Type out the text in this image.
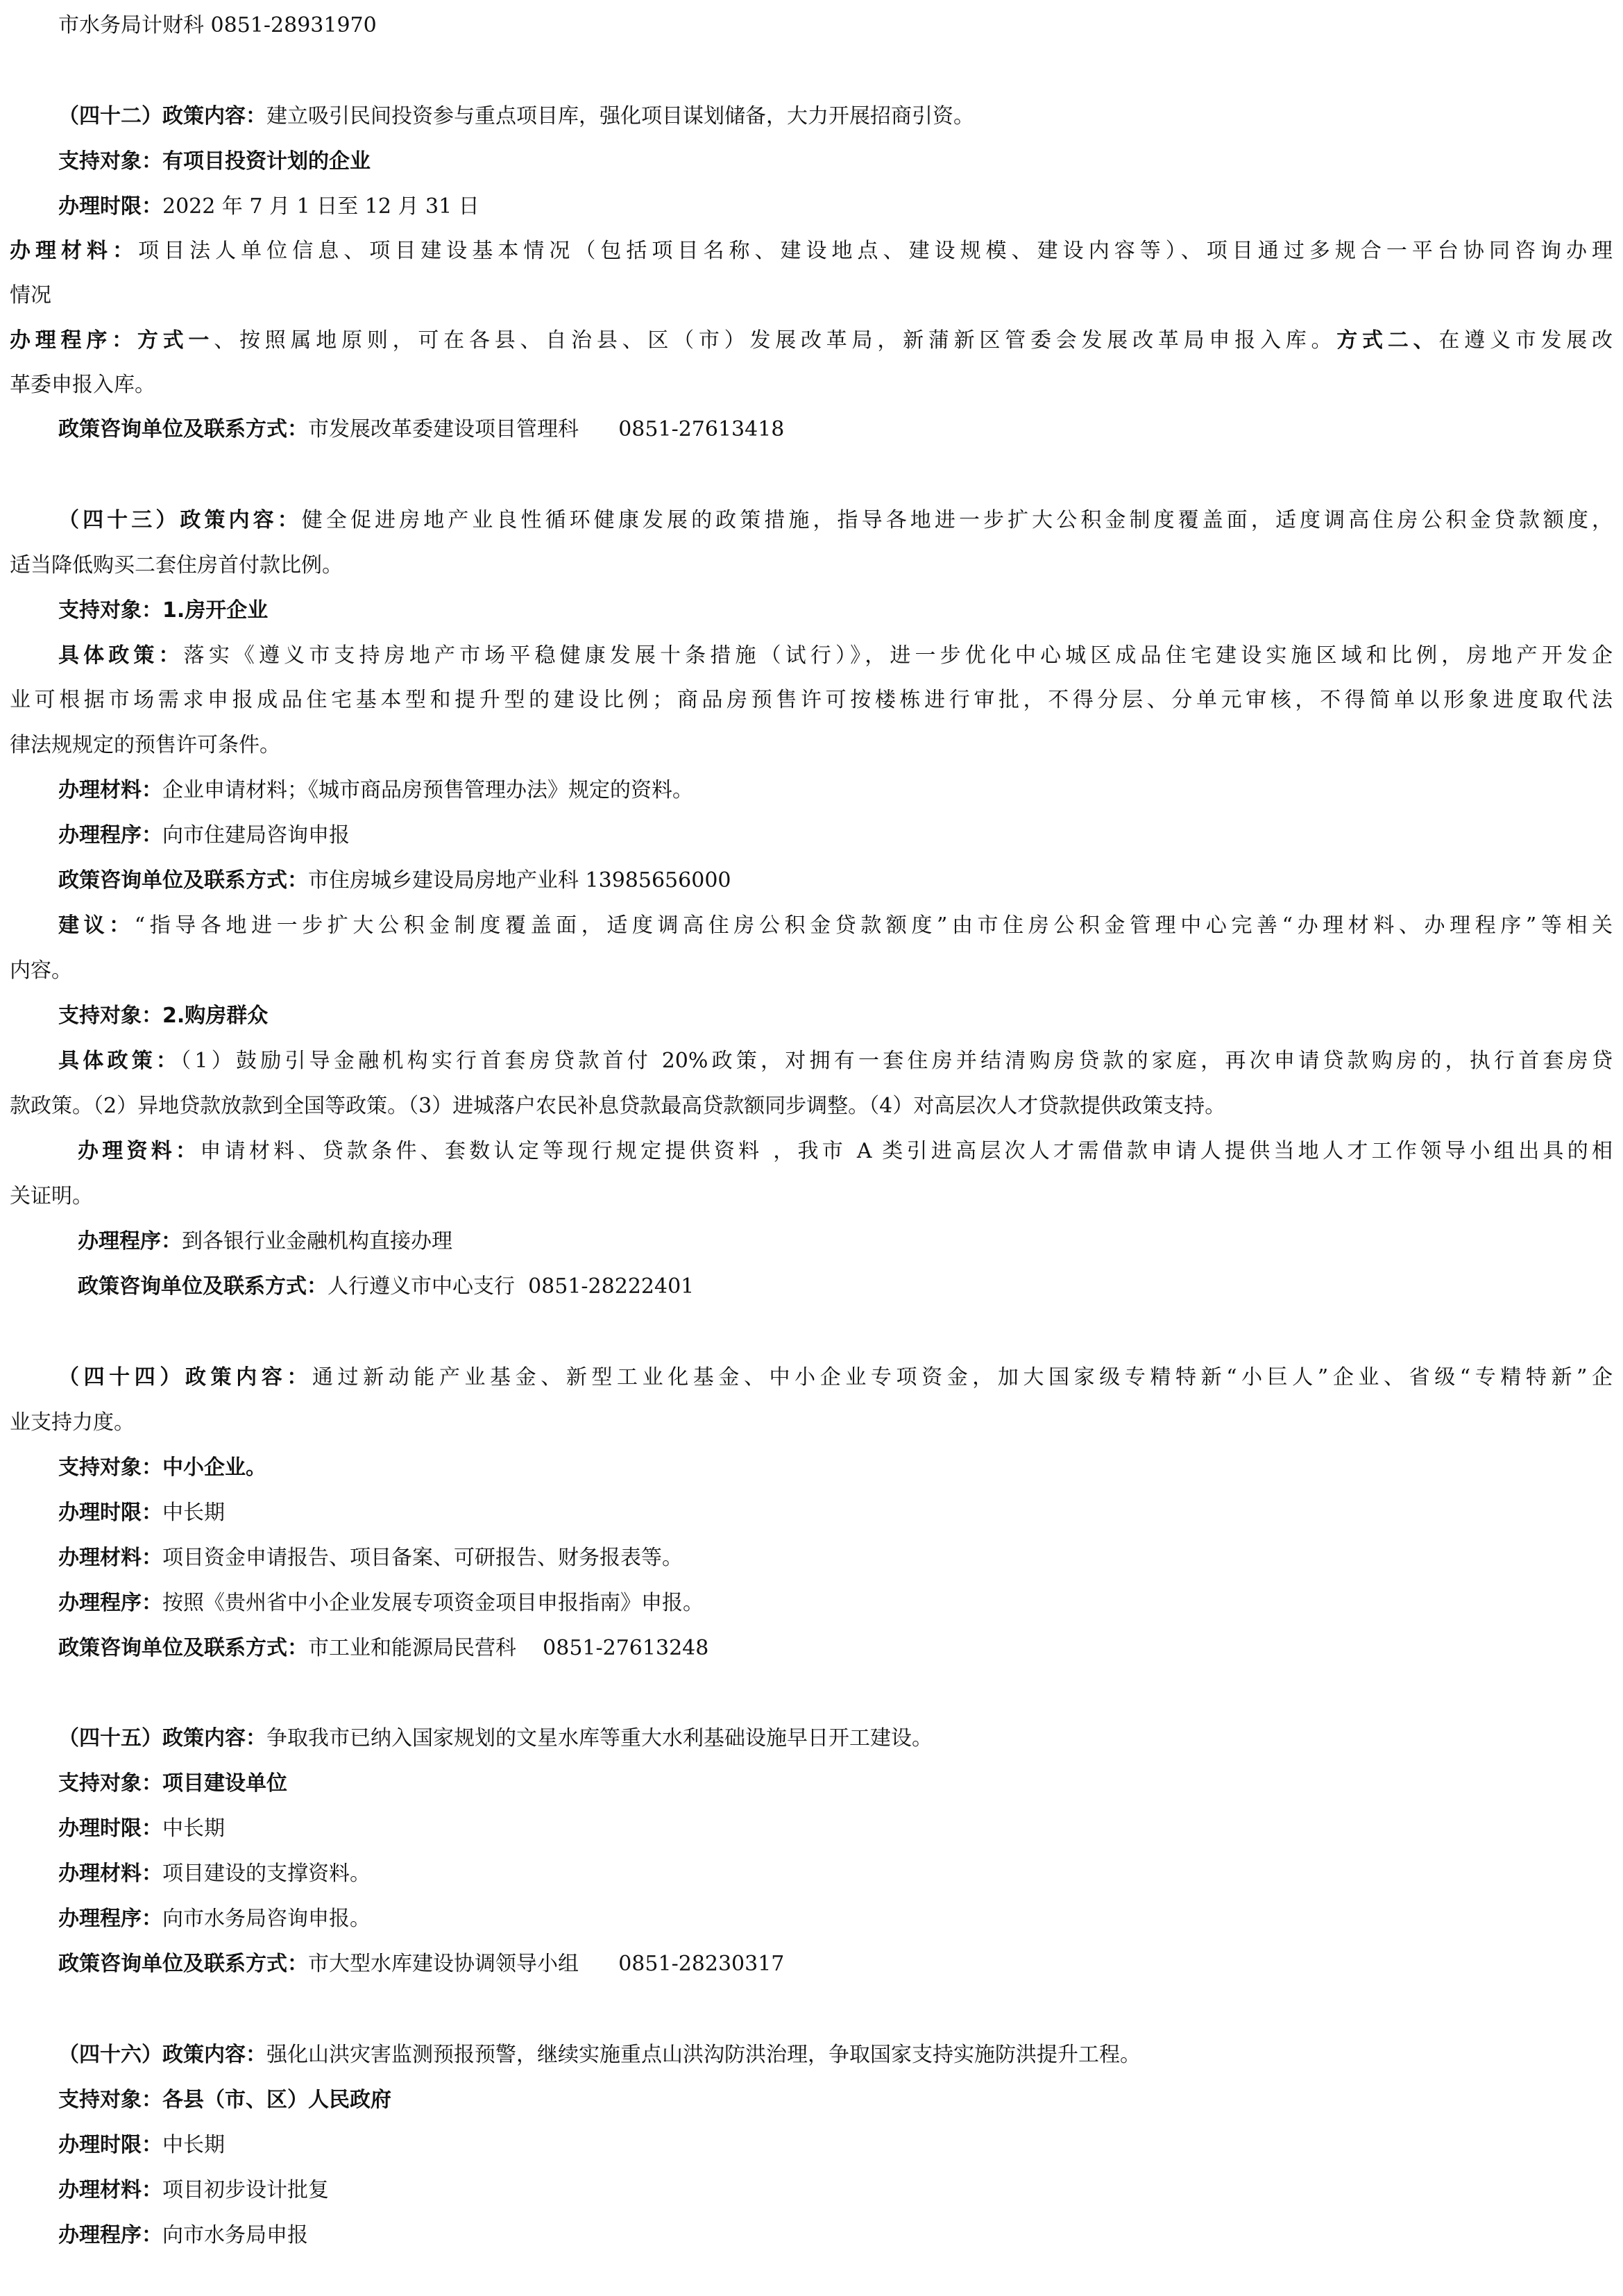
市水务局计财科 0851-28931970
（四十二）政策内容：建立吸引民间投资参与重点项目库，强化项目谋划储备，大力开展招商引资。
支持对象：有项目投资计划的企业
办理时限：2022 年 7 月 1 日至 12 月 31 日
办理材料：项目法人单位信息、项目建设基本情况（包括项目名称、建设地点、建设规模、建设内容等）、项目通过多规合一平台协同咨询办理
情况
办理程序：方式一、按照属地原则，可在各县、自治县、区（市）发展改革局，新蒲新区管委会发展改革局申报入库。方式二、在遵义市发展改
革委申报入库。
政策咨询单位及联系方式：市发展改革委建设项目管理科      0851-27613418
（四十三）政策内容：健全促进房地产业良性循环健康发展的政策措施，指导各地进一步扩大公积金制度覆盖面，适度调高住房公积金贷款额度，
适当降低购买二套住房首付款比例。
支持对象：1.房开企业
具体政策：落实《遵义市支持房地产市场平稳健康发展十条措施（试行）》，进一步优化中心城区成品住宅建设实施区域和比例，房地产开发企
业可根据市场需求申报成品住宅基本型和提升型的建设比例；商品房预售许可按楼栋进行审批，不得分层、分单元审核，不得简单以形象进度取代法
律法规规定的预售许可条件。
办理材料：企业申请材料；《城市商品房预售管理办法》规定的资料。
办理程序：向市住建局咨询申报
政策咨询单位及联系方式：市住房城乡建设局房地产业科 13985656000
建议：“指导各地进一步扩大公积金制度覆盖面，适度调高住房公积金贷款额度”由市住房公积金管理中心完善“办理材料、办理程序”等相关
内容。
支持对象：2.购房群众
具体政策：（1）鼓励引导金融机构实行首套房贷款首付 20%政策，对拥有一套住房并结清购房贷款的家庭，再次申请贷款购房的，执行首套房贷
款政策。（2）异地贷款放款到全国等政策。（3）进城落户农民补息贷款最高贷款额同步调整。（4）对高层次人才贷款提供政策支持。
办理资料：申请材料、贷款条件、套数认定等现行规定提供资料 ，我市 A 类引进高层次人才需借款申请人提供当地人才工作领导小组出具的相
关证明。
办理程序：到各银行业金融机构直接办理
政策咨询单位及联系方式：人行遵义市中心支行  0851-28222401
（四十四）政策内容：通过新动能产业基金、新型工业化基金、中小企业专项资金，加大国家级专精特新“小巨人”企业、省级“专精特新”企
业支持力度。
支持对象：中小企业。
办理时限：中长期
办理材料：项目资金申请报告、项目备案、可研报告、财务报表等。
办理程序：按照《贵州省中小企业发展专项资金项目申报指南》申报。
政策咨询单位及联系方式：市工业和能源局民营科    0851-27613248
（四十五）政策内容：争取我市已纳入国家规划的文星水库等重大水利基础设施早日开工建设。
支持对象：项目建设单位
办理时限：中长期
办理材料：项目建设的支撑资料。
办理程序：向市水务局咨询申报。
政策咨询单位及联系方式：市大型水库建设协调领导小组      0851-28230317
（四十六）政策内容：强化山洪灾害监测预报预警，继续实施重点山洪沟防洪治理，争取国家支持实施防洪提升工程。
支持对象：各县（市、区）人民政府
办理时限：中长期
办理材料：项目初步设计批复
办理程序：向市水务局申报
